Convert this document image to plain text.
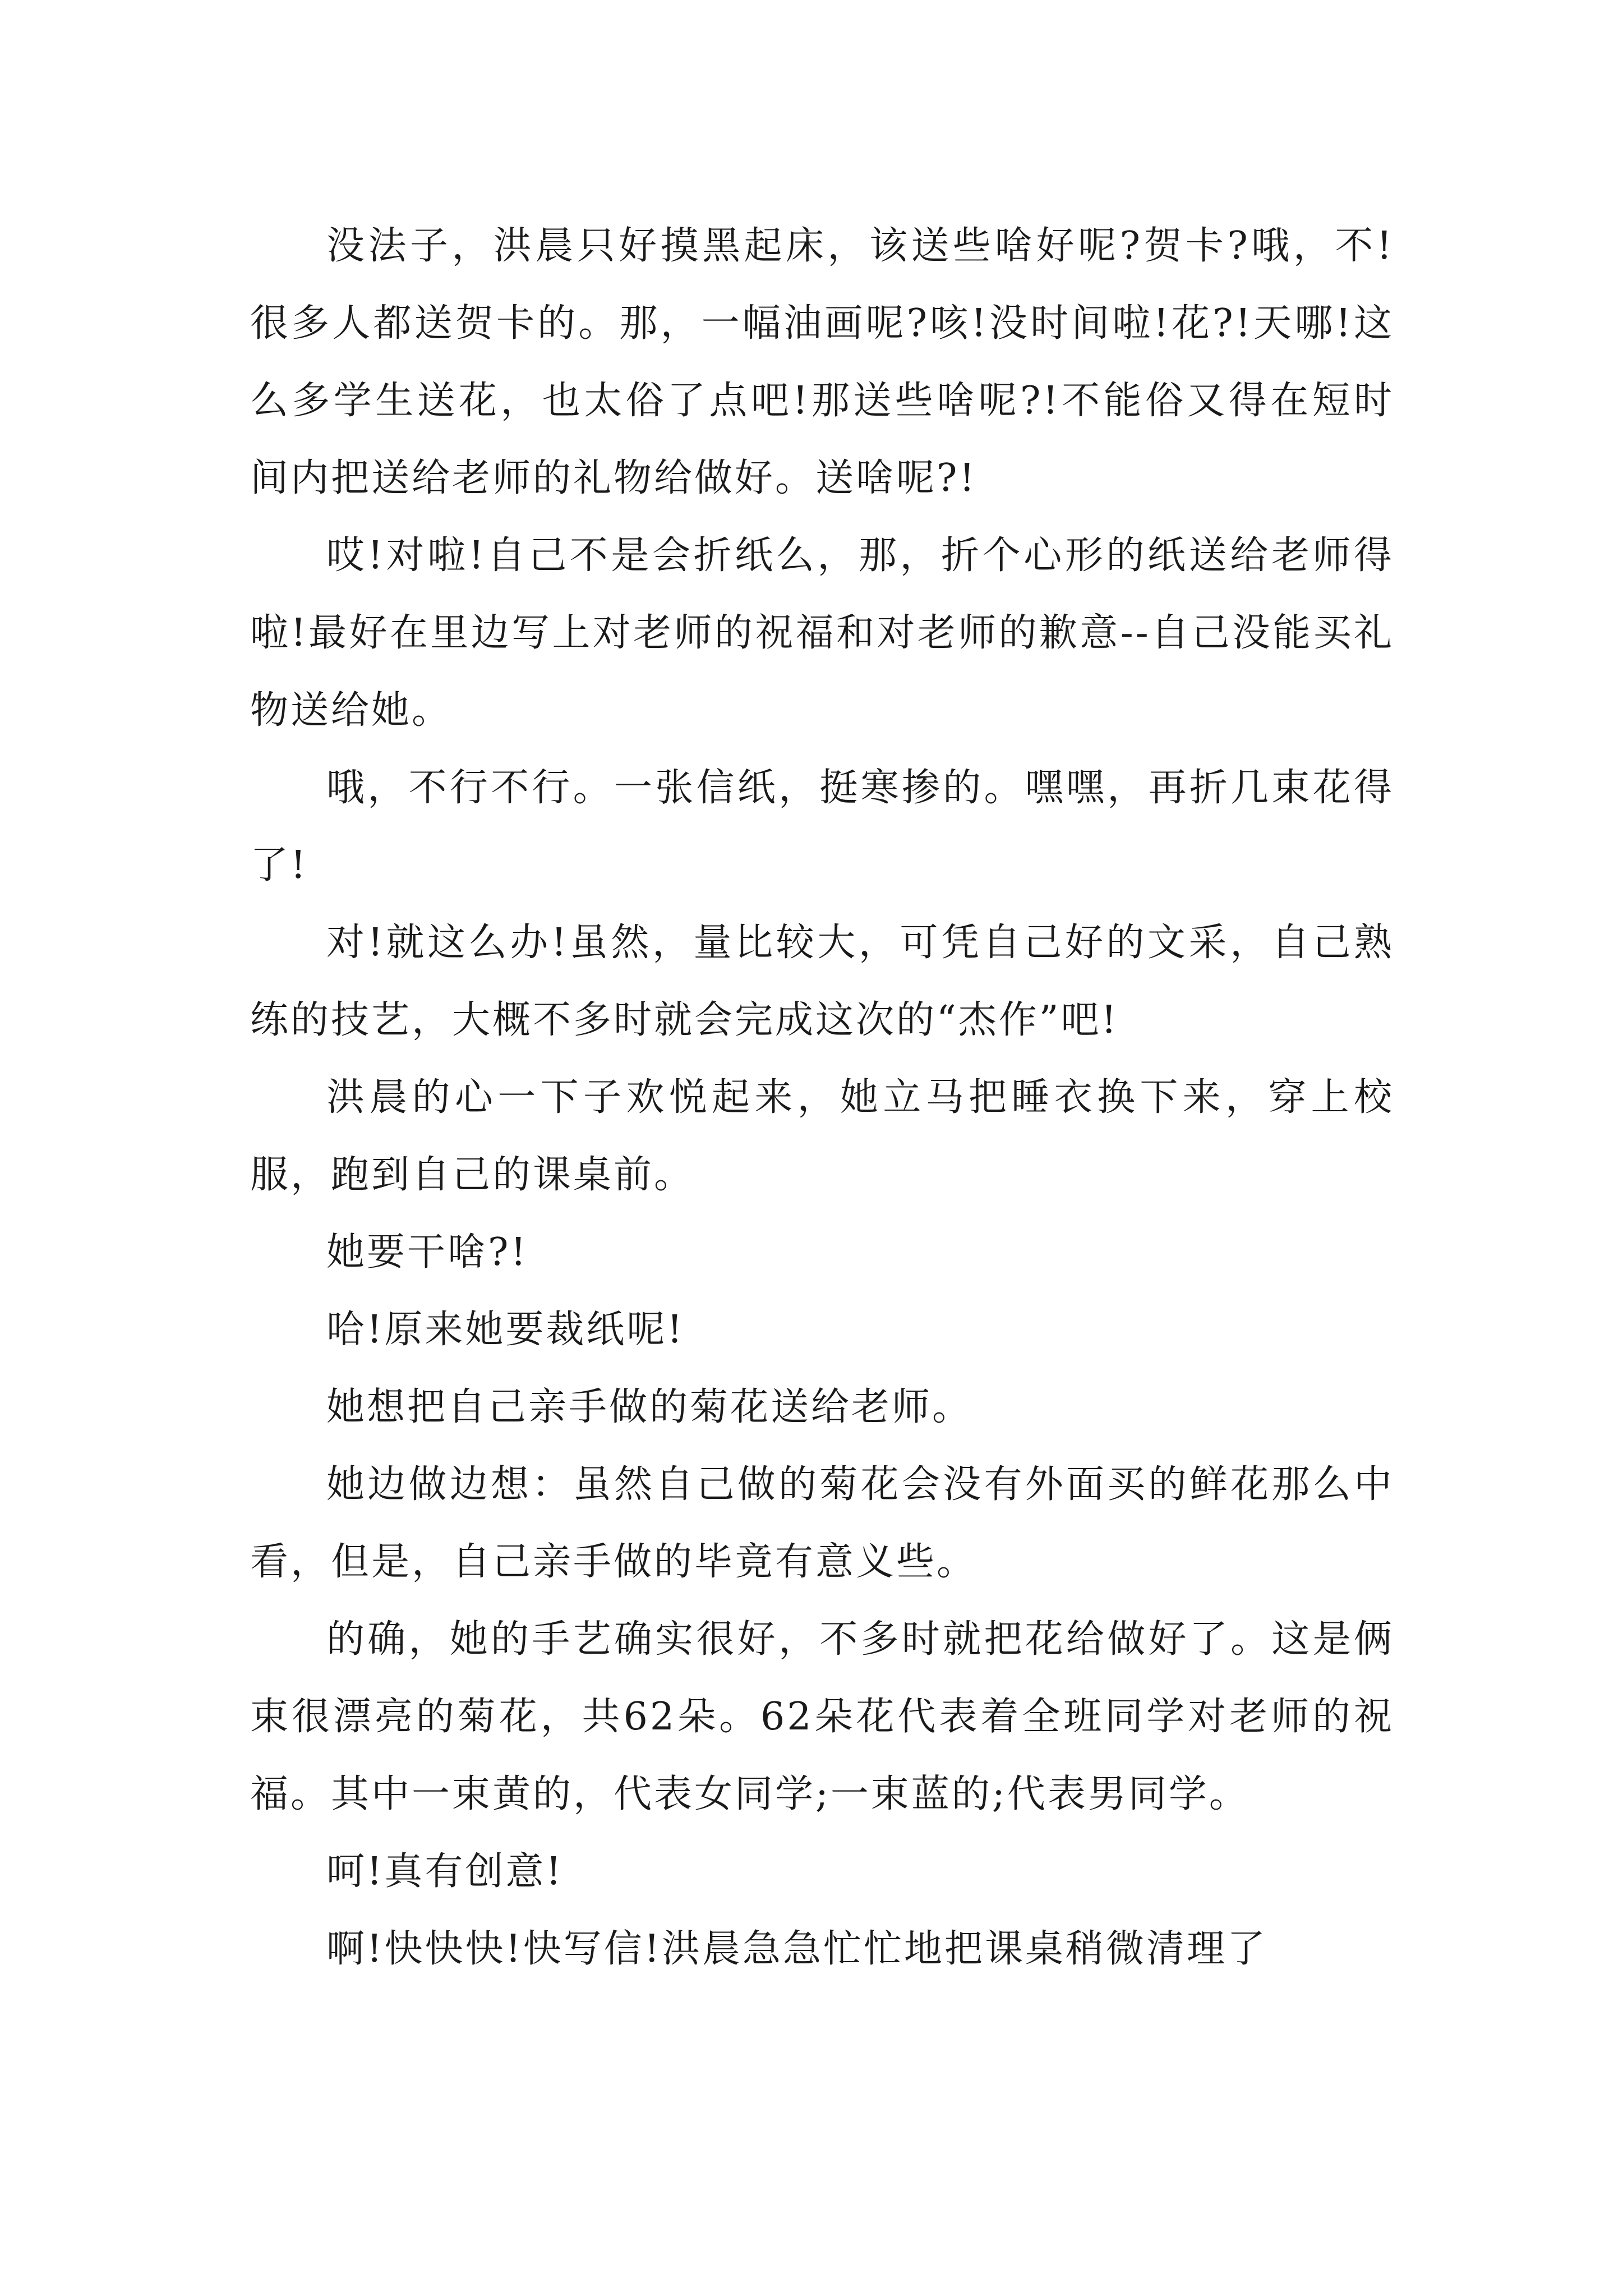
没法子，洪晨只好摸黑起床，该送些啥好呢?贺卡?哦，不!很多人都送贺卡的。那，一幅油画呢?咳!没时间啦!花?!天哪!这么多学生送花，也太俗了点吧!那送些啥呢?!不能俗又得在短时间内把送给老师的礼物给做好。送啥呢?!

哎!对啦!自己不是会折纸么，那，折个心形的纸送给老师得啦!最好在里边写上对老师的祝福和对老师的歉意--自己没能买礼物送给她。

哦，不行不行。一张信纸，挺寒掺的。嘿嘿，再折几束花得了!

对!就这么办!虽然，量比较大，可凭自己好的文采，自己熟练的技艺，大概不多时就会完成这次的“杰作”吧!

洪晨的心一下子欢悦起来，她立马把睡衣换下来，穿上校服，跑到自己的课桌前。

她要干啥?!

哈!原来她要裁纸呢!

她想把自己亲手做的菊花送给老师。

她边做边想：虽然自己做的菊花会没有外面买的鲜花那么中看，但是，自己亲手做的毕竟有意义些。

的确，她的手艺确实很好，不多时就把花给做好了。这是俩束很漂亮的菊花，共62朵。62朵花代表着全班同学对老师的祝福。其中一束黄的，代表女同学;一束蓝的;代表男同学。

呵!真有创意!

啊!快快快!快写信!洪晨急急忙忙地把课桌稍微清理了
